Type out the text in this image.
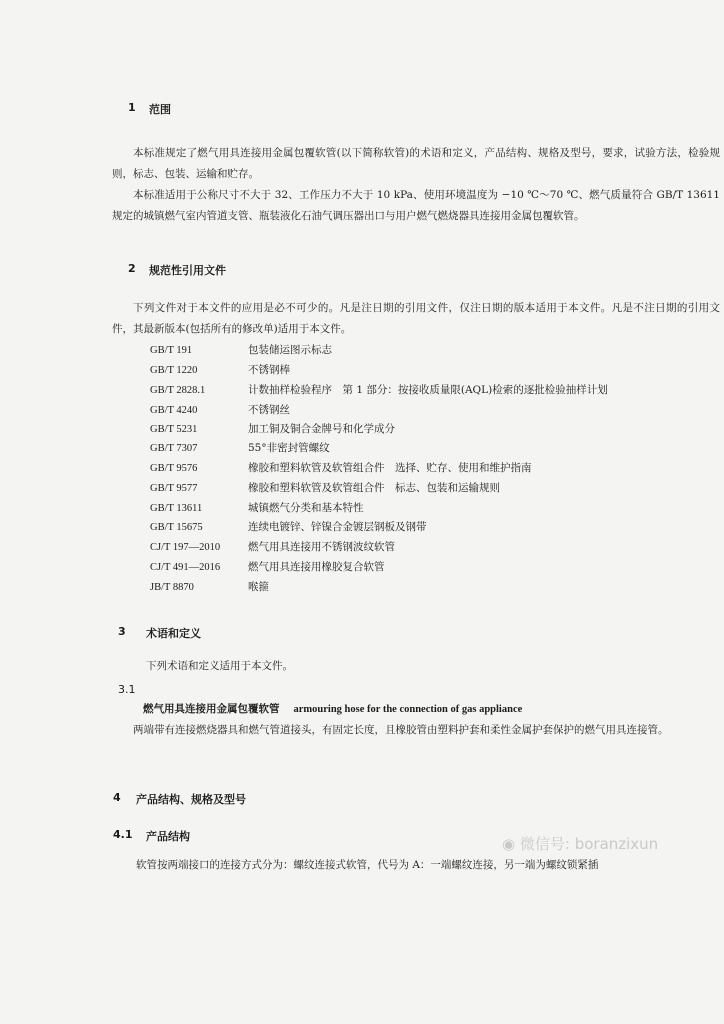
1 范围
本标准规定了燃气用具连接用金属包覆软管(以下简称软管)的术语和定义，产品结构、规格及型号，要求，试验方法，检验规则，标志、包装、运输和贮存。
本标准适用于公称尺寸不大于 32、工作压力不大于 10 kPa、使用环境温度为 −10 ℃～70 ℃、燃气质量符合 GB/T 13611 规定的城镇燃气室内管道支管、瓶装液化石油气调压器出口与用户燃气燃烧器具连接用金属包覆软管。
2 规范性引用文件
下列文件对于本文件的应用是必不可少的。凡是注日期的引用文件，仅注日期的版本适用于本文件。凡是不注日期的引用文件，其最新版本(包括所有的修改单)适用于本文件。
GB/T 191	包装储运图示标志
GB/T 1220	不锈钢棒
GB/T 2828.1	计数抽样检验程序　第 1 部分：按接收质量限(AQL)检索的逐批检验抽样计划
GB/T 4240	不锈钢丝
GB/T 5231	加工铜及铜合金牌号和化学成分
GB/T 7307	55°非密封管螺纹
GB/T 9576	橡胶和塑料软管及软管组合件　选择、贮存、使用和维护指南
GB/T 9577	橡胶和塑料软管及软管组合件　标志、包装和运输规则
GB/T 13611	城镇燃气分类和基本特性
GB/T 15675	连续电镀锌、锌镍合金镀层钢板及钢带
CJ/T 197—2010	燃气用具连接用不锈钢波纹软管
CJ/T 491—2016	燃气用具连接用橡胶复合软管
JB/T 8870	喉箍
3 术语和定义
下列术语和定义适用于本文件。
3.1
燃气用具连接用金属包覆软管 armouring hose for the connection of gas appliance
两端带有连接燃烧器具和燃气管道接头，有固定长度，且橡胶管由塑料护套和柔性金属护套保护的燃气用具连接管。
4 产品结构、规格及型号
4.1 产品结构
软管按两端接口的连接方式分为：螺纹连接式软管，代号为 A：一端螺纹连接，另一端为螺纹锁紧插
◉ 微信号: boranzixun
